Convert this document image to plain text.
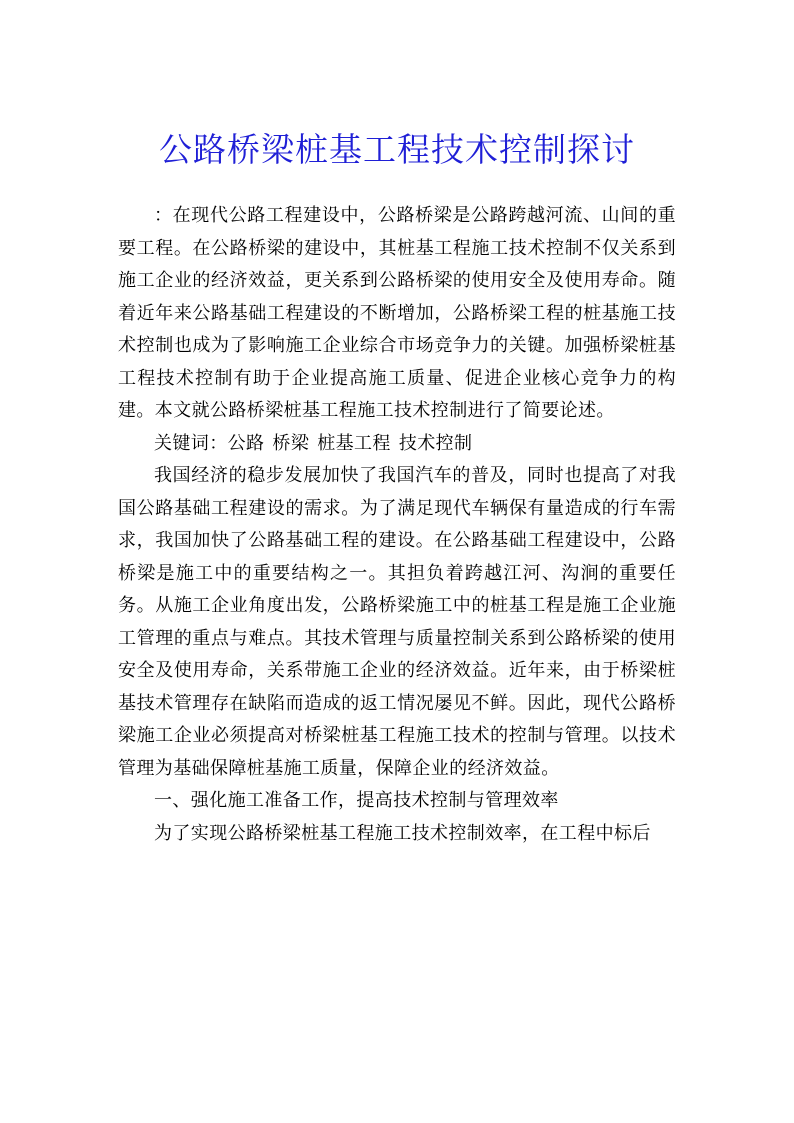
公路桥梁桩基工程技术控制探讨

：在现代公路工程建设中，公路桥梁是公路跨越河流、山间的重要工程。在公路桥梁的建设中，其桩基工程施工技术控制不仅关系到施工企业的经济效益，更关系到公路桥梁的使用安全及使用寿命。随着近年来公路基础工程建设的不断增加，公路桥梁工程的桩基施工技术控制也成为了影响施工企业综合市场竞争力的关键。加强桥梁桩基工程技术控制有助于企业提高施工质量、促进企业核心竞争力的构建。本文就公路桥梁桩基工程施工技术控制进行了简要论述。

关键词：公路 桥梁 桩基工程 技术控制

我国经济的稳步发展加快了我国汽车的普及，同时也提高了对我国公路基础工程建设的需求。为了满足现代车辆保有量造成的行车需求，我国加快了公路基础工程的建设。在公路基础工程建设中，公路桥梁是施工中的重要结构之一。其担负着跨越江河、沟涧的重要任务。从施工企业角度出发，公路桥梁施工中的桩基工程是施工企业施工管理的重点与难点。其技术管理与质量控制关系到公路桥梁的使用安全及使用寿命，关系带施工企业的经济效益。近年来，由于桥梁桩基技术管理存在缺陷而造成的返工情况屡见不鲜。因此，现代公路桥梁施工企业必须提高对桥梁桩基工程施工技术的控制与管理。以技术管理为基础保障桩基施工质量，保障企业的经济效益。

一、强化施工准备工作，提高技术控制与管理效率

为了实现公路桥梁桩基工程施工技术控制效率，在工程中标后
